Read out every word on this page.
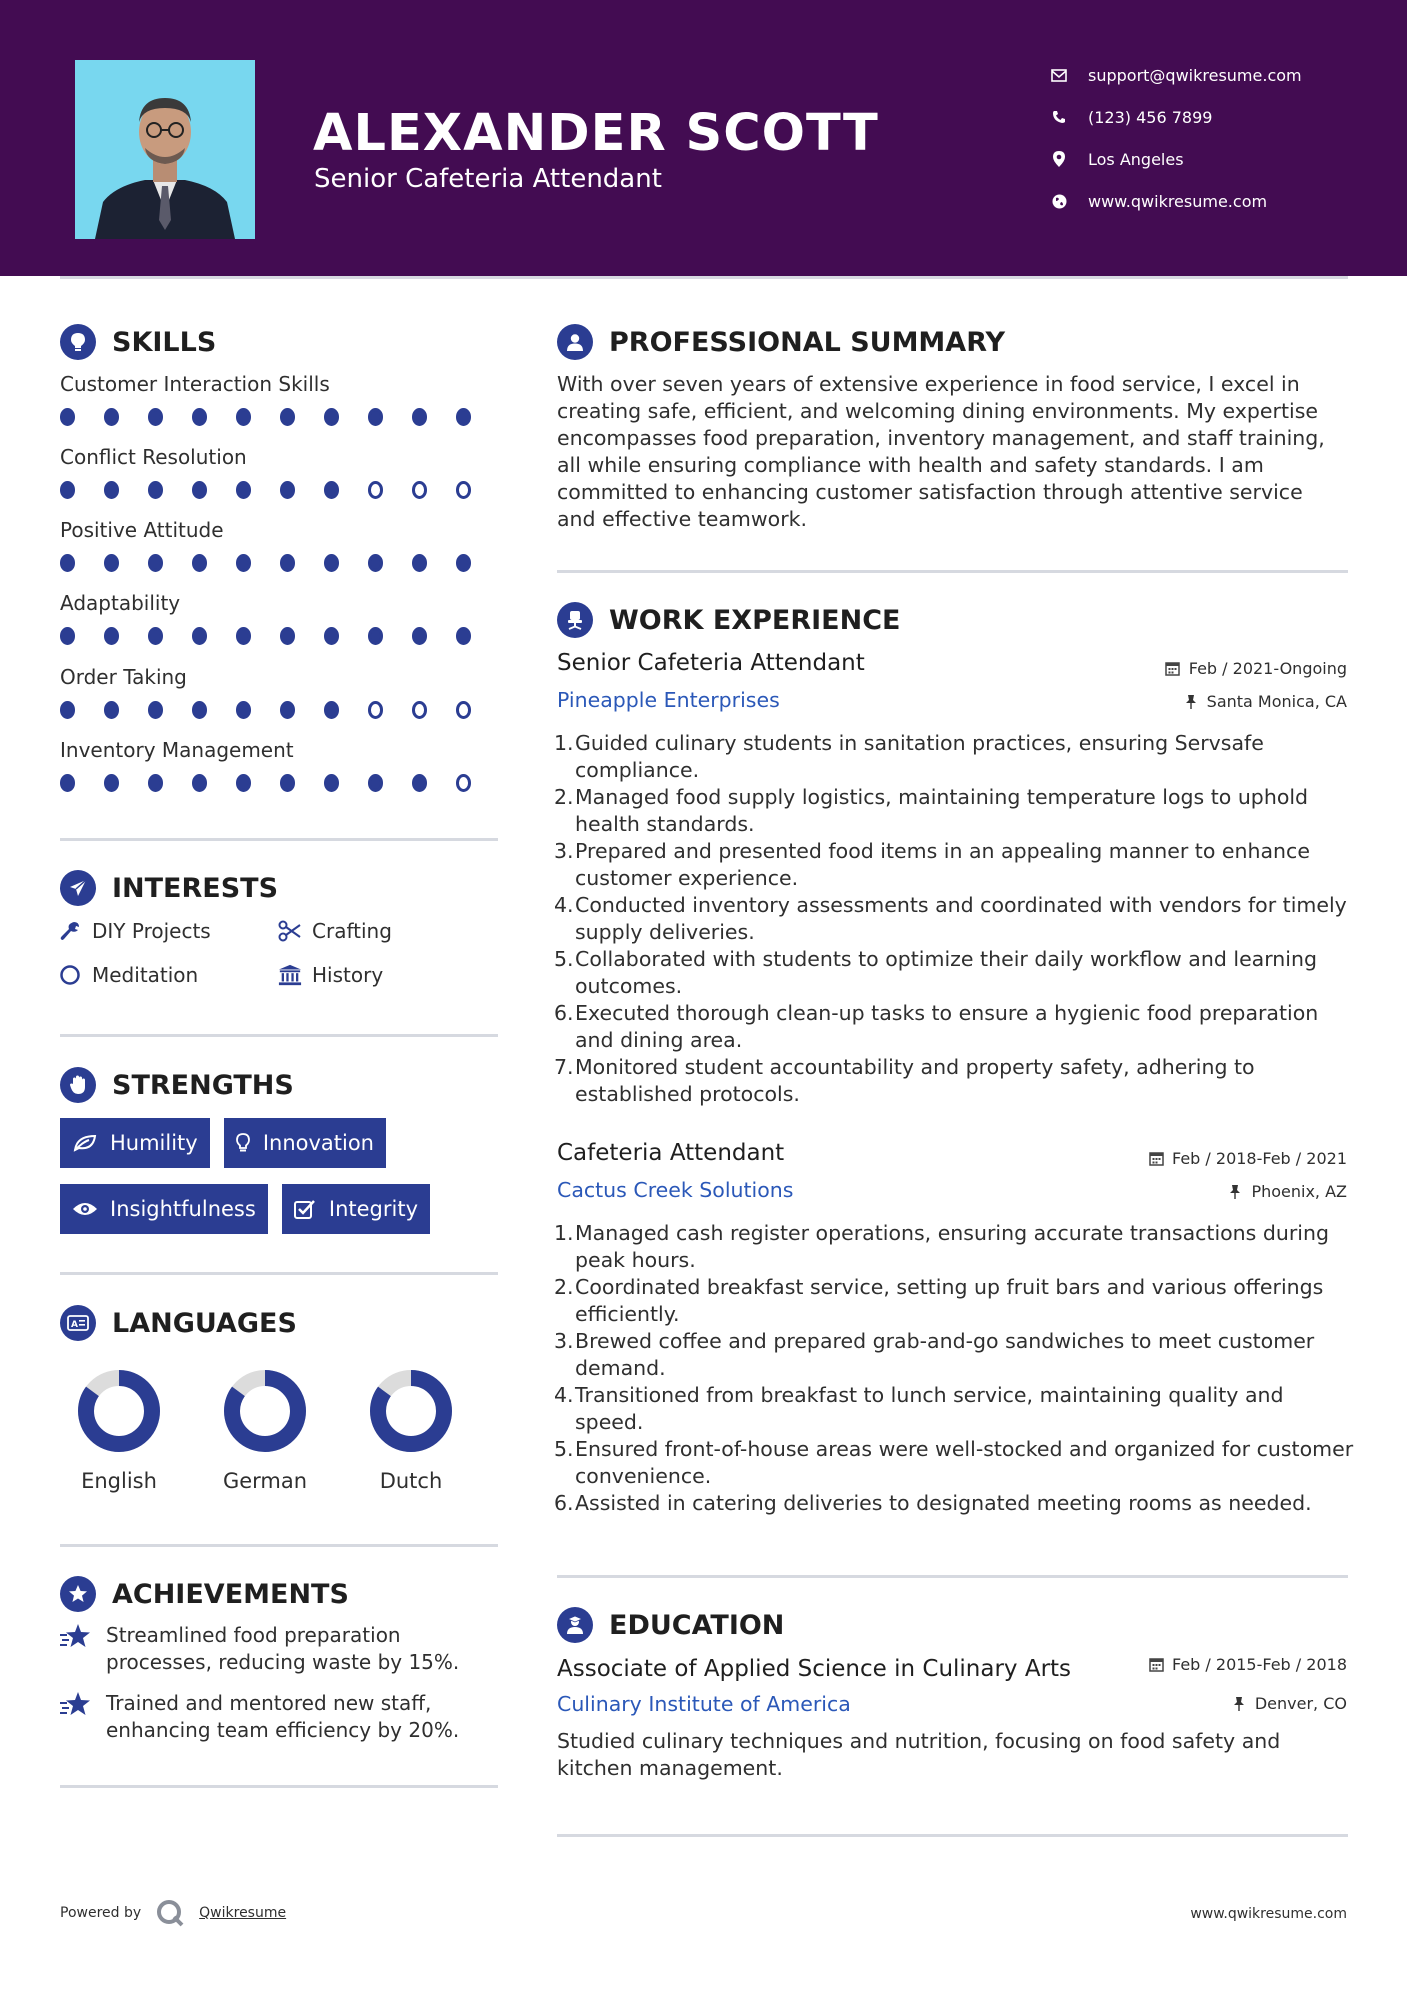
ALEXANDER SCOTT
Senior Cafeteria Attendant
support@qwikresume.com
(123) 456 7899
Los Angeles
www.qwikresume.com
SKILLS
Customer Interaction Skills
Conflict Resolution
Positive Attitude
Adaptability
Order Taking
Inventory Management
INTERESTS
DIY Projects	Crafting
Meditation	History
STRENGTHS
Humility	Innovation
Insightfulness	Integrity
A LANGUAGES
English	German	Dutch
ACHIEVEMENTS
Streamlined food preparation processes, reducing waste by 15%.
Trained and mentored new staff, enhancing team efficiency by 20%.
PROFESSIONAL SUMMARY
With over seven years of extensive experience in food service, I excel in creating safe, efficient, and welcoming dining environments. My expertise encompasses food preparation, inventory management, and staff training, all while ensuring compliance with health and safety standards. I am committed to enhancing customer satisfaction through attentive service and effective teamwork.
WORK EXPERIENCE
Senior Cafeteria Attendant	Feb / 2021-Ongoing
Pineapple Enterprises	Santa Monica, CA
1. Guided culinary students in sanitation practices, ensuring Servsafe compliance.
2. Managed food supply logistics, maintaining temperature logs to uphold health standards.
3. Prepared and presented food items in an appealing manner to enhance customer experience.
4. Conducted inventory assessments and coordinated with vendors for timely supply deliveries.
5. Collaborated with students to optimize their daily workflow and learning outcomes.
6. Executed thorough clean-up tasks to ensure a hygienic food preparation and dining area.
7. Monitored student accountability and property safety, adhering to established protocols.
Cafeteria Attendant	Feb / 2018-Feb / 2021
Cactus Creek Solutions	Phoenix, AZ
1. Managed cash register operations, ensuring accurate transactions during peak hours.
2. Coordinated breakfast service, setting up fruit bars and various offerings efficiently.
3. Brewed coffee and prepared grab-and-go sandwiches to meet customer demand.
4. Transitioned from breakfast to lunch service, maintaining quality and speed.
5. Ensured front-of-house areas were well-stocked and organized for customer convenience.
6. Assisted in catering deliveries to designated meeting rooms as needed.
EDUCATION
Associate of Applied Science in Culinary Arts	Feb / 2015-Feb / 2018
Culinary Institute of America	Denver, CO
Studied culinary techniques and nutrition, focusing on food safety and kitchen management.
Powered by	Qwikresume	www.qwikresume.com
